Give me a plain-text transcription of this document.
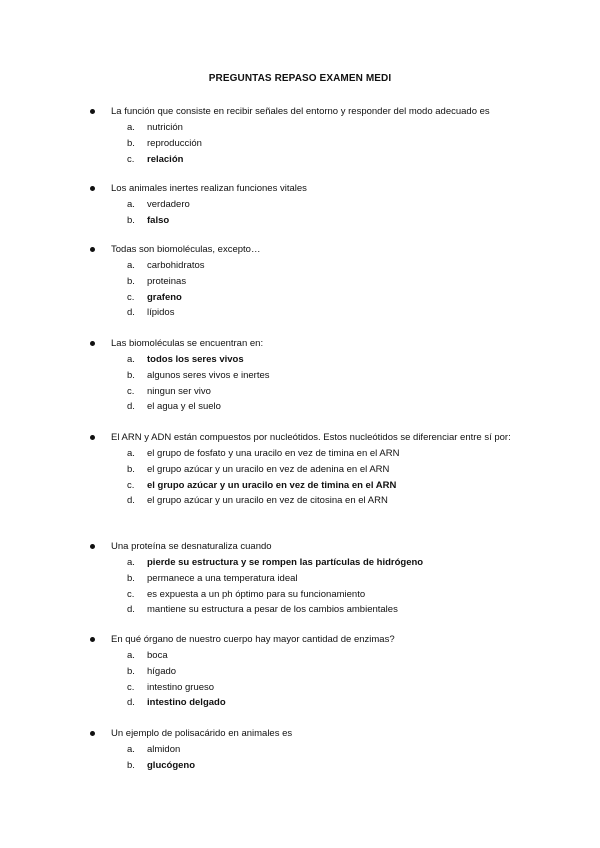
PREGUNTAS REPASO EXAMEN MEDI
La función que consiste en recibir señales del entorno y responder del modo adecuado es
a. nutrición
b. reproducción
c. relación
Los animales inertes realizan funciones vitales
a. verdadero
b. falso
Todas son biomoléculas, excepto…
a. carbohidratos
b. proteinas
c. grafeno
d. lípidos
Las biomoléculas se encuentran en:
a. todos los seres vivos
b. algunos seres vivos e inertes
c. ningun ser vivo
d. el agua y el suelo
El ARN y ADN están compuestos por nucleótidos. Estos nucleótidos se diferenciar entre sí por:
a. el grupo de fosfato y una uracilo en vez de timina en el ARN
b. el grupo azúcar y un uracilo en vez de adenina en el ARN
c. el grupo azúcar y un uracilo en vez de timina en el ARN
d. el grupo azúcar y un uracilo en vez de citosina en el ARN
Una proteína se desnaturaliza cuando
a. pierde su estructura y se rompen las partículas de hidrógeno
b. permanece a una temperatura ideal
c. es expuesta a un ph óptimo para su funcionamiento
d. mantiene su estructura a pesar de los cambios ambientales
En qué órgano de nuestro cuerpo hay mayor cantidad de enzimas?
a. boca
b. hígado
c. intestino grueso
d. intestino delgado
Un ejemplo de polisacárido en animales es
a. almidon
b. glucógeno
